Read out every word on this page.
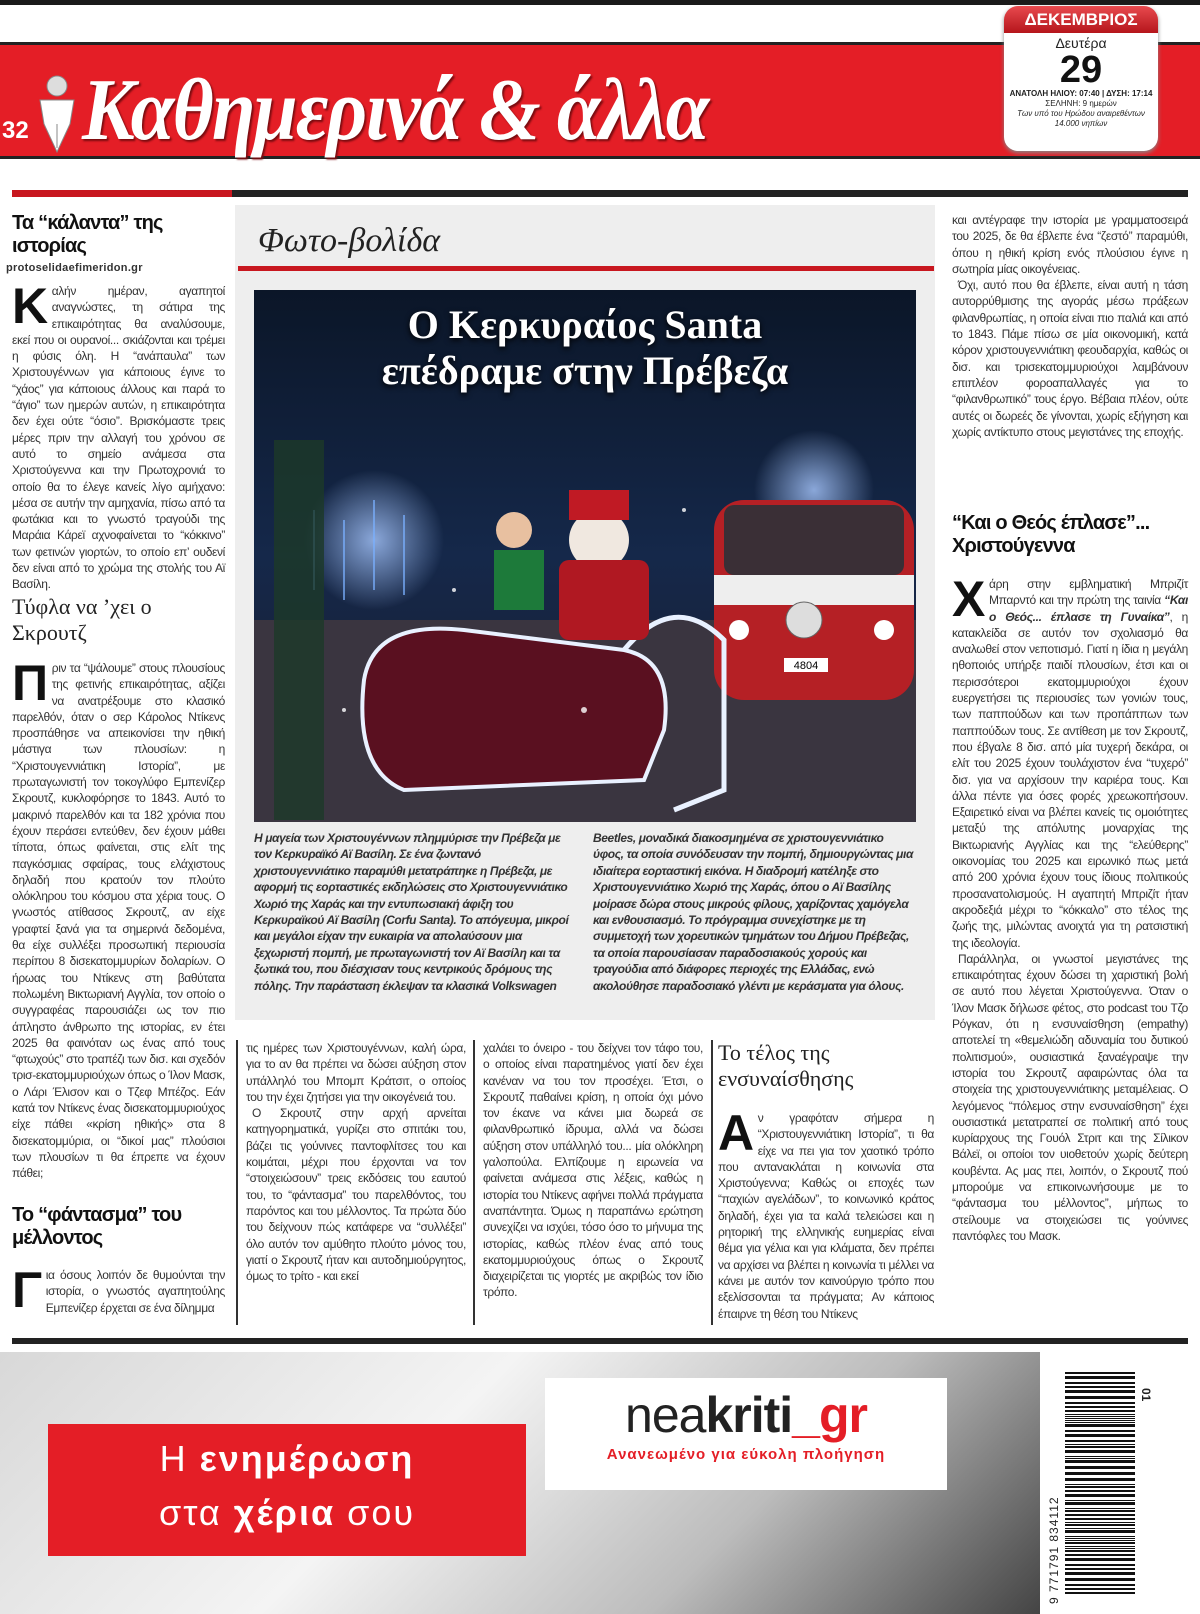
32 Καθημερινά & άλλα
ΔΕΚΕΜΒΡΙΟΣ
Δευτέρα
29
ΑΝΑΤΟΛΗ ΗΛΙΟΥ: 07:40 | ΔΥΣΗ: 17:14
ΣΕΛΗΝΗ: 9 ημερών
Των υπό του Ηρώδου αναιρεθέντων
14.000 νηπίων
Τα “κάλαντα” της ιστορίας
protoselidaefimeridon.gr

Καλήν ημέραν, αγαπητοί αναγνώστες, τη σάτιρα της επικαιρότητας θα αναλύσουμε, εκεί που οι ουρανοί... σκιάζονται και τρέμει η φύσις όλη. Η “ανάπαυλα” των Χριστουγέννων για κάποιους έγινε το “χάος” για κάποιους άλλους και παρά το “άγιο” των ημερών αυτών, η επικαιρότητα δεν έχει ούτε “όσιο”. Βρισκόμαστε τρεις μέρες πριν την αλλαγή του χρόνου σε αυτό το σημείο ανάμεσα στα Χριστούγεννα και την Πρωτοχρονιά το οποίο θα το έλεγε κανείς λίγο αμήχανο: μέσα σε αυτήν την αμηχανία, πίσω από τα φωτάκια και το γνωστό τραγούδι της Μαράια Κάρεϊ αχνοφαίνεται το “κόκκινο” των φετινών γιορτών, το οποίο επ’ ουδενί δεν είναι από το χρώμα της στολής του Αϊ Βασίλη.

Τύφλα να ’χει ο Σκρουτζ

Πριν τα “ψάλουμε” στους πλουσίους της φετινής επικαιρότητας, αξίζει να ανατρέξουμε στο κλασικό παρελθόν, όταν ο σερ Κάρολος Ντίκενς προσπάθησε να απεικονίσει την ηθική μάστιγα των πλουσίων: η “Χριστουγεννιάτικη Ιστορία”, με πρωταγωνιστή τον τοκογλύφο Εμπενίζερ Σκρουτζ, κυκλοφόρησε το 1843. Αυτό το μακρινό παρελθόν και τα 182 χρόνια που έχουν περάσει εντεύθεν, δεν έχουν μάθει τίποτα, όπως φαίνεται, στις ελίτ της παγκόσμιας σφαίρας, τους ελάχιστους δηλαδή που κρατούν τον πλούτο ολόκληρου του κόσμου στα χέρια τους. Ο γνωστός ατίθασος Σκρουτζ, αν είχε γραφτεί ξανά για τα σημερινά δεδομένα, θα είχε συλλέξει προσωπική περιουσία περίπου 8 δισεκατομμυρίων δολαρίων. Ο ήρωας του Ντίκενς στη βαθύτατα πολωμένη Βικτωριανή Αγγλία, τον οποίο ο συγγραφέας παρουσιάζει ως τον πιο άπληστο άνθρωπο της ιστορίας, εν έτει 2025 θα φαινόταν ως ένας από τους “φτωχούς” στο τραπέζι των δισ. και σχεδόν τρισ-εκατομμυριούχων όπως ο Ίλον Μασκ, ο Λάρι Έλισον και ο Τζεφ Μπέζος. Εάν κατά τον Ντίκενς ένας δισεκατομμυριούχος είχε πάθει «κρίση ηθικής» στα 8 δισεκατομμύρια, οι “δικοί μας” πλούσιοι των πλουσίων τι θα έπρεπε να έχουν πάθει;

Το “φάντασμα” του μέλλοντος

Για όσους λοιπόν δε θυμούνται την ιστορία, ο γνωστός αγαπητούλης Εμπενίζερ έρχεται σε ένα δίλημμα

Φωτο-βολίδα
4804
Ο Κερκυραίος Santa
επέδραμε στην Πρέβεζα
Η μαγεία των Χριστουγέννων πλημμύρισε την Πρέβεζα με τον Κερκυραϊκό Αϊ Βασίλη. Σε ένα ζωντανό χριστουγεννιάτικο παραμύθι μετατράπηκε η Πρέβεζα, με αφορμή τις εορταστικές εκδηλώσεις στο Χριστουγεννιάτικο Χωριό της Χαράς και την εντυπωσιακή άφιξη του Κερκυραϊκού Αϊ Βασίλη (Corfu Santa). Το απόγευμα, μικροί και μεγάλοι είχαν την ευκαιρία να απολαύσουν μια ξεχωριστή πομπή, με πρωταγωνιστή τον Αϊ Βασίλη και τα ξωτικά του, που διέσχισαν τους κεντρικούς δρόμους της πόλης. Την παράσταση έκλεψαν τα κλασικά Volkswagen Beetles, μοναδικά διακοσμημένα σε χριστουγεννιάτικο ύφος, τα οποία συνόδευσαν την πομπή, δημιουργώντας μια ιδιαίτερα εορταστική εικόνα. Η διαδρομή κατέληξε στο Χριστουγεννιάτικο Χωριό της Χαράς, όπου ο Αϊ Βασίλης μοίρασε δώρα στους μικρούς φίλους, χαρίζοντας χαμόγελα και ενθουσιασμό. Το πρόγραμμα συνεχίστηκε με τη συμμετοχή των χορευτικών τμημάτων του Δήμου Πρέβεζας, τα οποία παρουσίασαν παραδοσιακούς χορούς και τραγούδια από διάφορες περιοχές της Ελλάδας, ενώ ακολούθησε παραδοσιακό γλέντι με κεράσματα για όλους.

τις ημέρες των Χριστουγέννων, καλή ώρα, για το αν θα πρέπει να δώσει αύξηση στον υπάλληλό του Μπομπ Κράτσιτ, ο οποίος του την έχει ζητήσει για την οικογένειά του.

Ο Σκρουτζ στην αρχή αρνείται κατηγορηματικά, γυρίζει στο σπιτάκι του, βάζει τις γούνινες παντοφλίτσες του και κοιμάται, μέχρι που έρχονται να τον “στοιχειώσουν” τρεις εκδόσεις του εαυτού του, το “φάντασμα” του παρελθόντος, του παρόντος και του μέλλοντος. Τα πρώτα δύο του δείχνουν πώς κατάφερε να “συλλέξει” όλο αυτόν τον αμύθητο πλούτο μόνος του, γιατί ο Σκρουτζ ήταν και αυτοδημιούργητος, όμως το τρίτο - και εκεί

χαλάει το όνειρο - του δείχνει τον τάφο του, ο οποίος είναι παρατημένος γιατί δεν έχει κανέναν να του τον προσέχει. Έτσι, ο Σκρουτζ παθαίνει κρίση, η οποία όχι μόνο τον έκανε να κάνει μια δωρεά σε φιλανθρωπικό ίδρυμα, αλλά να δώσει αύξηση στον υπάλληλό του... μία ολόκληρη γαλοπούλα. Ελπίζουμε η ειρωνεία να φαίνεται ανάμεσα στις λέξεις, καθώς η ιστορία του Ντίκενς αφήνει πολλά πράγματα αναπάντητα. Όμως η παραπάνω ερώτηση συνεχίζει να ισχύει, τόσο όσο το μήνυμα της ιστορίας, καθώς πλέον ένας από τους εκατομμυριούχους όπως ο Σκρουτζ διαχειρίζεται τις γιορτές με ακριβώς τον ίδιο τρόπο.

Το τέλος της ενσυναίσθησης

Αν γραφόταν σήμερα η “Χριστουγεννιάτικη Ιστορία”, τι θα είχε να πει για τον χαοτικό τρόπο που αντανακλάται η κοινωνία στα Χριστούγεννα; Καθώς οι εποχές των “παχιών αγελάδων”, το κοινωνικό κράτος δηλαδή, έχει για τα καλά τελειώσει και η ρητορική της ελληνικής ευημερίας είναι θέμα για γέλια και για κλάματα, δεν πρέπει να αρχίσει να βλέπει η κοινωνία τι μέλλει να κάνει με αυτόν τον καινούργιο τρόπο που εξελίσσονται τα πράγματα; Αν κάποιος έπαιρνε τη θέση του Ντίκενς

και αντέγραφε την ιστορία με γραμματοσειρά του 2025, δε θα έβλεπε ένα “ζεστό” παραμύθι, όπου η ηθική κρίση ενός πλούσιου έγινε η σωτηρία μίας οικογένειας.

Όχι, αυτό που θα έβλεπε, είναι αυτή η τάση αυτορρύθμισης της αγοράς μέσω πράξεων φιλανθρωπίας, η οποία είναι πιο παλιά και από το 1843. Πάμε πίσω σε μία οικονομική, κατά κόρον χριστουγεννιάτικη φεουδαρχία, καθώς οι δισ. και τρισεκατομμυριούχοι λαμβάνουν επιπλέον φοροαπαλλαγές για το “φιλανθρωπικό” τους έργο. Βέβαια πλέον, ούτε αυτές οι δωρεές δε γίνονται, χωρίς εξήγηση και χωρίς αντίκτυπο στους μεγιστάνες της εποχής.

“Και ο Θεός έπλασε”... Χριστούγεννα

Χάρη στην εμβληματική Μπριζίτ Μπαρντό και την πρώτη της ταινία “Και ο Θεός... έπλασε τη Γυναίκα”, η κατακλείδα σε αυτόν τον σχολιασμό θα αναλωθεί στον νεποτισμό. Γιατί η ίδια η μεγάλη ηθοποιός υπήρξε παιδί πλουσίων, έτσι και οι περισσότεροι εκατομμυριούχοι έχουν ευεργετήσει τις περιουσίες των γονιών τους, των παππούδων και των προπάππων των παππούδων τους. Σε αντίθεση με τον Σκρουτζ, που έβγαλε 8 δισ. από μία τυχερή δεκάρα, οι ελίτ του 2025 έχουν τουλάχιστον ένα “τυχερό” δισ. για να αρχίσουν την καριέρα τους. Και άλλα πέντε για όσες φορές χρεωκοπήσουν. Εξαιρετικό είναι να βλέπει κανείς τις ομοιότητες μεταξύ της απόλυτης μοναρχίας της Βικτωριανής Αγγλίας και της “ελεύθερης” οικονομίας του 2025 και ειρωνικό πως μετά από 200 χρόνια έχουν τους ίδιους πολιτικούς προσανατολισμούς. Η αγαπητή Μπριζίτ ήταν ακροδεξιά μέχρι το “κόκκαλο” στο τέλος της ζωής της, μιλώντας ανοιχτά για τη ρατσιστική της ιδεολογία.

Παράλληλα, οι γνωστοί μεγιστάνες της επικαιρότητας έχουν δώσει τη χαριστική βολή σε αυτό που λέγεται Χριστούγεννα. Όταν ο Ίλον Μασκ δήλωσε φέτος, στο podcast του Τζο Ρόγκαν, ότι η ενσυναίσθηση (empathy) αποτελεί τη «θεμελιώδη αδυναμία του δυτικού πολιτισμού», ουσιαστικά ξαναέγραψε την ιστορία του Σκρουτζ αφαιρώντας όλα τα στοιχεία της χριστουγεννιάτικης μεταμέλειας. Ο λεγόμενος “πόλεμος στην ενσυναίσθηση” έχει ουσιαστικά μετατραπεί σε πολιτική από τους κυρίαρχους της Γουόλ Στριτ και της Σίλικον Βάλεϊ, οι οποίοι τον υιοθετούν χωρίς δεύτερη κουβέντα. Ας μας πει, λοιπόν, ο Σκρουτζ πού μπορούμε να επικοινωνήσουμε με το “φάντασμα του μέλλοντος”, μήπως το στείλουμε να στοιχειώσει τις γούνινες παντόφλες του Μασκ.

Η ενημέρωση
στα χέρια σου
neakriti_gr
Ανανεωμένο για εύκολη πλοήγηση
01
9 771791 834112
